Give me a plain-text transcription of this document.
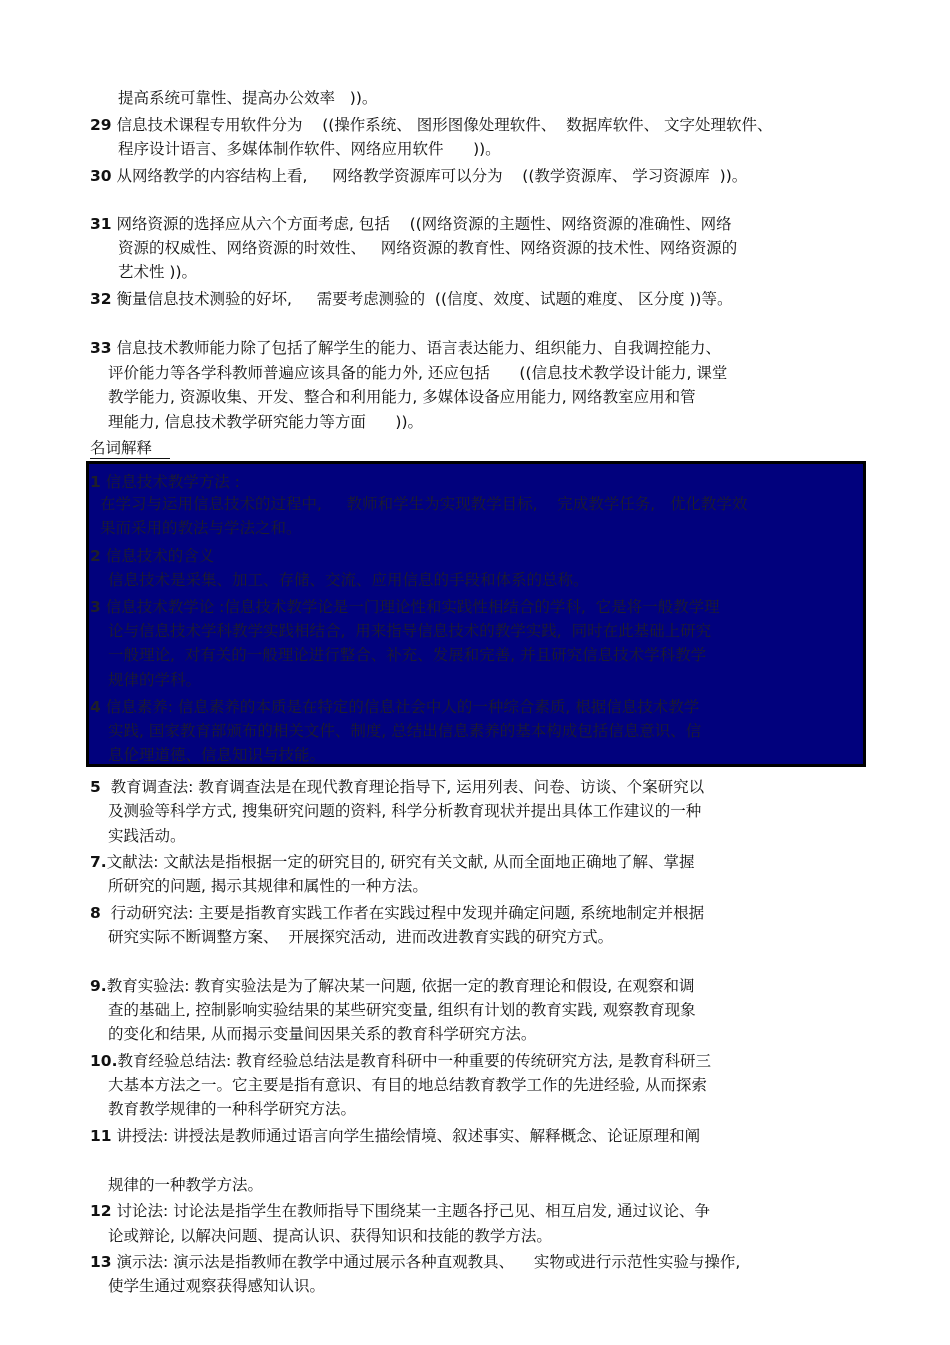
提高系统可靠性、提高办公效率   ))。
29 信息技术课程专用软件分为    ((操作系统、 图形图像处理软件、  数据库软件、 文字处理软件、
程序设计语言、多媒体制作软件、网络应用软件      ))。
30 从网络教学的内容结构上看,     网络教学资源库可以分为    ((教学资源库、 学习资源库  ))。
31 网络资源的选择应从六个方面考虑, 包括    ((网络资源的主题性、网络资源的准确性、网络
资源的权威性、网络资源的时效性、   网络资源的教育性、网络资源的技术性、网络资源的
艺术性 ))。
32 衡量信息技术测验的好坏,     需要考虑测验的  ((信度、效度、试题的难度、 区分度 ))等。
33 信息技术教师能力除了包括了解学生的能力、语言表达能力、组织能力、自我调控能力、
评价能力等各学科教师普遍应该具备的能力外, 还应包括      ((信息技术教学设计能力, 课堂
教学能力, 资源收集、开发、整合和利用能力, 多媒体设备应用能力, 网络教室应用和管
理能力, 信息技术教学研究能力等方面      ))。
名词解释
1 信息技术教学方法 :
在学习与运用信息技术的过程中,     教师和学生为实现教学目标,    完成教学任务,   优化教学效
果而采用的教法与学法之和。
2 信息技术的含义
信息技术是采集、加工、存储、交流、应用信息的手段和体系的总称。
3 信息技术教学论 :信息技术教学论是一门理论性和实践性相结合的学科,  它是将一般教学理
论与信息技术学科教学实践相结合,  用来指导信息技术的教学实践,  同时在此基础上研究
一般理论,  对有关的一般理论进行整合、补充、发展和完善, 并且研究信息技术学科教学
规律的学科。
4 信息素养: 信息素养的本质是在特定的信息社会中人的一种综合素质, 根据信息技术教学
实践, 国家教育部颁布的相关文件、制度, 总结出信息素养的基本构成包括信息意识、信
息伦理道德、信息知识与技能。
5  教育调查法: 教育调查法是在现代教育理论指导下, 运用列表、问卷、访谈、个案研究以
及测验等科学方式, 搜集研究问题的资料, 科学分析教育现状并提出具体工作建议的一种
实践活动。
7.文献法: 文献法是指根据一定的研究目的, 研究有关文献, 从而全面地正确地了解、掌握
所研究的问题, 揭示其规律和属性的一种方法。
8  行动研究法: 主要是指教育实践工作者在实践过程中发现并确定问题, 系统地制定并根据
研究实际不断调整方案、  开展探究活动,  进而改进教育实践的研究方式。
9.教育实验法: 教育实验法是为了解决某一问题, 依据一定的教育理论和假设, 在观察和调
查的基础上, 控制影响实验结果的某些研究变量, 组织有计划的教育实践, 观察教育现象
的变化和结果, 从而揭示变量间因果关系的教育科学研究方法。
10.教育经验总结法: 教育经验总结法是教育科研中一种重要的传统研究方法, 是教育科研三
大基本方法之一。它主要是指有意识、有目的地总结教育教学工作的先进经验, 从而探索
教育教学规律的一种科学研究方法。
11 讲授法: 讲授法是教师通过语言向学生描绘情境、叙述事实、解释概念、论证原理和阐
规律的一种教学方法。
12 讨论法: 讨论法是指学生在教师指导下围绕某一主题各抒己见、相互启发, 通过议论、争
论或辩论, 以解决问题、提高认识、获得知识和技能的教学方法。
13 演示法: 演示法是指教师在教学中通过展示各种直观教具、    实物或进行示范性实验与操作,
使学生通过观察获得感知认识。
